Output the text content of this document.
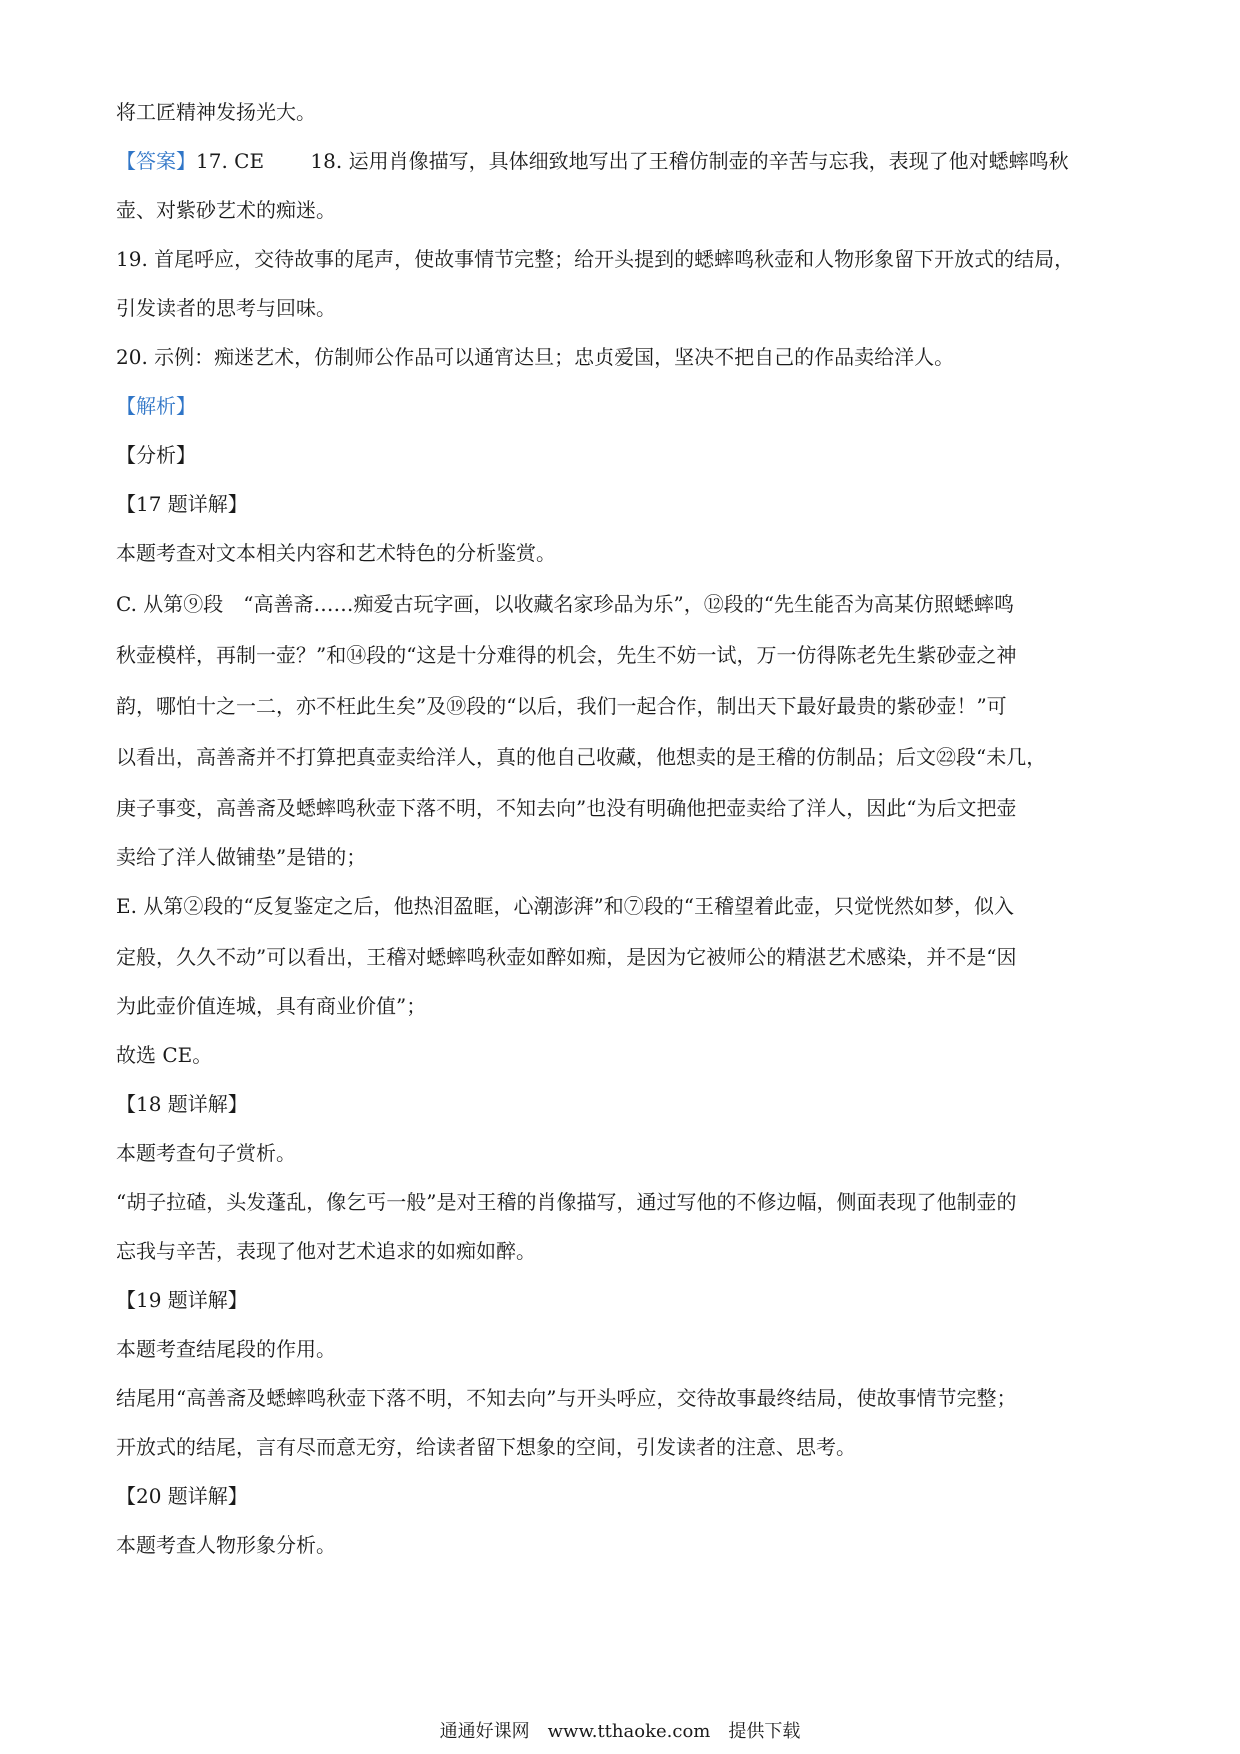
将工匠精神发扬光大。
【答案】17. CE　　 18. 运用肖像描写，具体细致地写出了王稽仿制壶的辛苦与忘我，表现了他对蟋蟀鸣秋
壶、对紫砂艺术的痴迷。
19. 首尾呼应，交待故事的尾声，使故事情节完整；给开头提到的蟋蟀鸣秋壶和人物形象留下开放式的结局，
引发读者的思考与回味。
20. 示例：痴迷艺术，仿制师公作品可以通宵达旦；忠贞爱国，坚决不把自己的作品卖给洋人。
【解析】
【分析】
【17 题详解】
本题考查对文本相关内容和艺术特色的分析鉴赏。
C. 从第⑨段　“高善斋……痴爱古玩字画，以收藏名家珍品为乐”，⑫段的“先生能否为高某仿照蟋蟀鸣
秋壶模样，再制一壶？”和⑭段的“这是十分难得的机会，先生不妨一试，万一仿得陈老先生紫砂壶之神
韵，哪怕十之一二，亦不枉此生矣”及⑲段的“以后，我们一起合作，制出天下最好最贵的紫砂壶！”可
以看出，高善斋并不打算把真壶卖给洋人，真的他自己收藏，他想卖的是王稽的仿制品；后文㉒段“未几，
庚子事变，高善斋及蟋蟀鸣秋壶下落不明，不知去向”也没有明确他把壶卖给了洋人，因此“为后文把壶
卖给了洋人做铺垫”是错的；
E. 从第②段的“反复鉴定之后，他热泪盈眶，心潮澎湃”和⑦段的“王稽望着此壶，只觉恍然如梦，似入
定般，久久不动”可以看出，王稽对蟋蟀鸣秋壶如醉如痴，是因为它被师公的精湛艺术感染，并不是“因
为此壶价值连城，具有商业价值”；
故选 CE。
【18 题详解】
本题考查句子赏析。
“胡子拉碴，头发蓬乱，像乞丐一般”是对王稽的肖像描写，通过写他的不修边幅，侧面表现了他制壶的
忘我与辛苦，表现了他对艺术追求的如痴如醉。
【19 题详解】
本题考查结尾段的作用。
结尾用“高善斋及蟋蟀鸣秋壶下落不明，不知去向”与开头呼应，交待故事最终结局，使故事情节完整；
开放式的结尾，言有尽而意无穷，给读者留下想象的空间，引发读者的注意、思考。
【20 题详解】
本题考查人物形象分析。
通通好课网　www.tthaoke.com　提供下载
